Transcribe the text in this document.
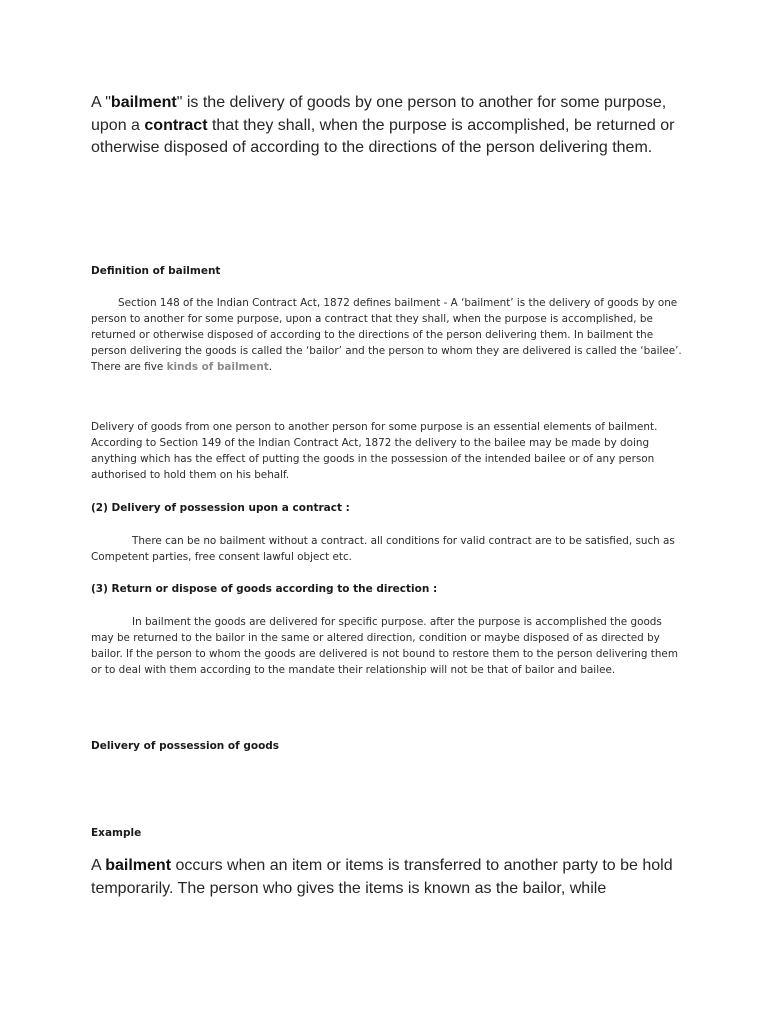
A "bailment" is the delivery of goods by one person to another for some purpose, upon a contract that they shall, when the purpose is accomplished, be returned or otherwise disposed of according to the directions of the person delivering them.
Definition of bailment
Section 148 of the Indian Contract Act, 1872 defines bailment - A ‘bailment’ is the delivery of goods by one person to another for some purpose, upon a contract that they shall, when the purpose is accomplished, be returned or otherwise disposed of according to the directions of the person delivering them. In bailment the person delivering the goods is called the ‘bailor’ and the person to whom they are delivered is called the ‘bailee’. There are five kinds of bailment.
Delivery of goods from one person to another person for some purpose is an essential elements of bailment. According to Section 149 of the Indian Contract Act, 1872 the delivery to the bailee may be made by doing anything which has the effect of putting the goods in the possession of the intended bailee or of any person authorised to hold them on his behalf.
(2) Delivery of possession upon a contract :
There can be no bailment without a contract. all conditions for valid contract are to be satisfied, such as Competent parties, free consent lawful object etc.
(3) Return or dispose of goods according to the direction :
In bailment the goods are delivered for specific purpose. after the purpose is accomplished the goods may be returned to the bailor in the same or altered direction, condition or maybe disposed of as directed by bailor. If the person to whom the goods are delivered is not bound to restore them to the person delivering them or to deal with them according to the mandate their relationship will not be that of bailor and bailee.
Delivery of possession of goods
Example
A bailment occurs when an item or items is transferred to another party to be hold temporarily. The person who gives the items is known as the bailor, while
